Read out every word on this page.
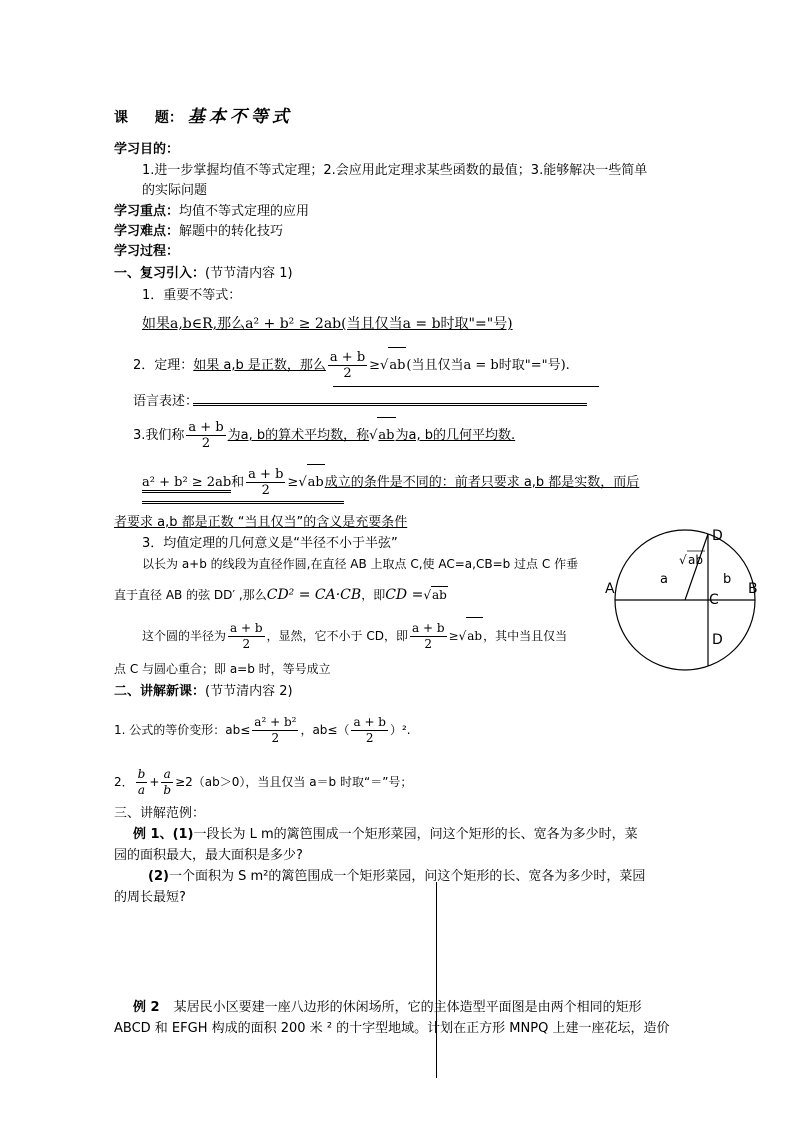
课 题： 基本不等式
学习目的：
1.进一步掌握均值不等式定理；2.会应用此定理求某些函数的最值；3.能够解决一些简单
的实际问题
学习重点：均值不等式定理的应用
学习难点：解题中的转化技巧
学习过程：
一、复习引入：(节节清内容 1)
1．重要不等式：
如果a,b∈R,那么a² + b² ≥ 2ab(当且仅当a = b时取"="号)
2．定理：如果 a,b 是正数，那么 $\frac{a + b}{2} \ge√ab$(当且仅当a = b时取"="号).
语言表述：
3.我们称 $\frac{a + b}{2}$ 为a, b的算术平均数，称√ab为a, b的几何平均数.
a² + b² ≥ 2ab和 $\frac{a + b}{2} \ge√ab$成立的条件是不同的：前者只要求 a,b 都是实数，而后
者要求 a,b 都是正数 “当且仅当”的含义是充要条件
3．均值定理的几何意义是“半径不小于半弦”
以长为 a+b 的线段为直径作圆,在直径 AB 上取点 C,使 AC=a,CB=b 过点 C 作垂
直于直径 AB 的弦 DD′ ,那么CD² = CA·CB，即CD =√ab
这个圆的半径为 $\frac{a + b}{2}$ ，显然，它不小于 CD，即 $\frac{a + b}{2} \ge√ab$，其中当且仅当
点 C 与圆心重合；即 a=b 时，等号成立
D
D
A	B
C
a	b
√ ab
二、讲解新课：(节节清内容 2)
1. 公式的等价变形：$ab\le \frac{\text{a² + b²}}{2}$ ，$ab\le( \frac{a + b}{2} )^2$.
2． $\frac{b}{a} + \frac{a}{b} \ge 2(ab>0)$，当且仅当 a＝b 时取“＝”号；
三、讲解范例：
例 1、(1)一段长为 L m的篱笆围成一个矩形菜园，问这个矩形的长、宽各为多少时，菜
园的面积最大，最大面积是多少?
(2)一个面积为 S m²的篱笆围成一个矩形菜园，问这个矩形的长、宽各为多少时，菜园
的周长最短?
例 2 某居民小区要建一座八边形的休闲场所，它的主体造型平面图是由两个相同的矩形
ABCD 和 EFGH 构成的面积 200 米 ² 的十字型地域。计划在正方形 MNPQ 上建一座花坛，造价
